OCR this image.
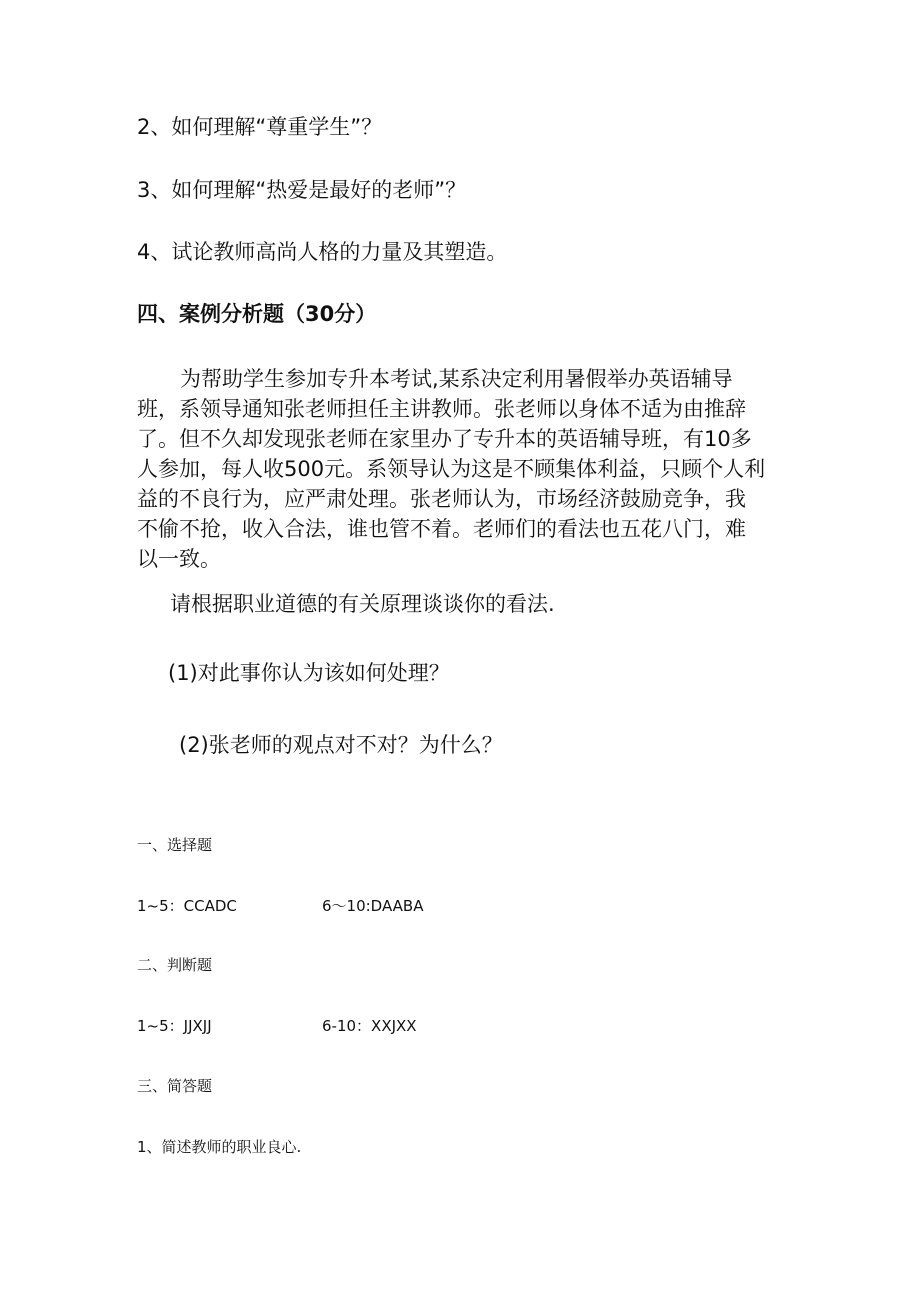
2、如何理解“尊重学生”？
3、如何理解“热爱是最好的老师”？
4、试论教师高尚人格的力量及其塑造。
四、案例分析题（30分）
为帮助学生参加专升本考试,某系决定利用暑假举办英语辅导
班，系领导通知张老师担任主讲教师。张老师以身体不适为由推辞
了。但不久却发现张老师在家里办了专升本的英语辅导班，有10多
人参加，每人收500元。系领导认为这是不顾集体利益，只顾个人利
益的不良行为，应严肃处理。张老师认为，市场经济鼓励竞争，我
不偷不抢，收入合法，谁也管不着。老师们的看法也五花八门，难
以一致。
请根据职业道德的有关原理谈谈你的看法.
(1)对此事你认为该如何处理？
(2)张老师的观点对不对？为什么？
一、选择题
1~5：CCADC	6～10:DAABA
二、判断题
1~5：JJXJJ	6-10：XXJXX
三、简答题
1、简述教师的职业良心.
